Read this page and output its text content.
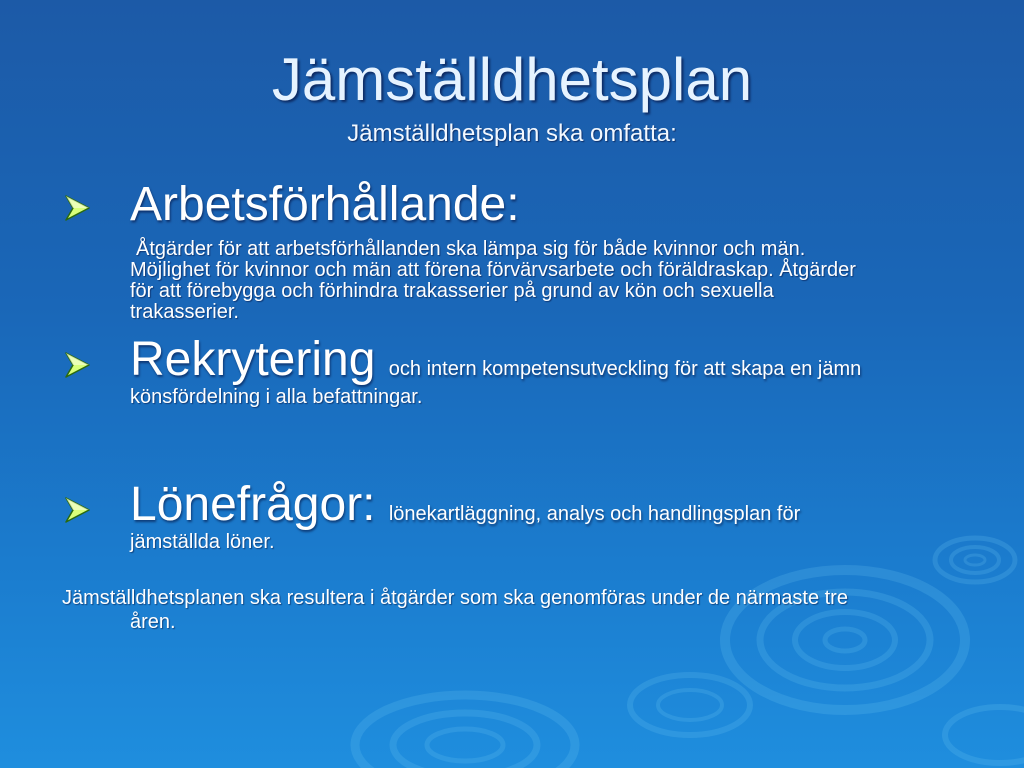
Jämställdhetsplan
Jämställdhetsplan ska omfatta:
Arbetsförhållande:
Åtgärder för att arbetsförhållanden ska lämpa sig för både kvinnor och män.
Möjlighet för kvinnor och män att förena förvärvsarbete och föräldraskap. Åtgärder
för att förebygga och förhindra trakasserier på grund av kön och sexuella
trakasserier.
Rekrytering och intern kompetensutveckling för att skapa en jämn
könsfördelning i alla befattningar.
Lönefrågor: lönekartläggning, analys och handlingsplan för
jämställda löner.
Jämställdhetsplanen ska resultera i åtgärder som ska genomföras under de närmaste tre
åren.
